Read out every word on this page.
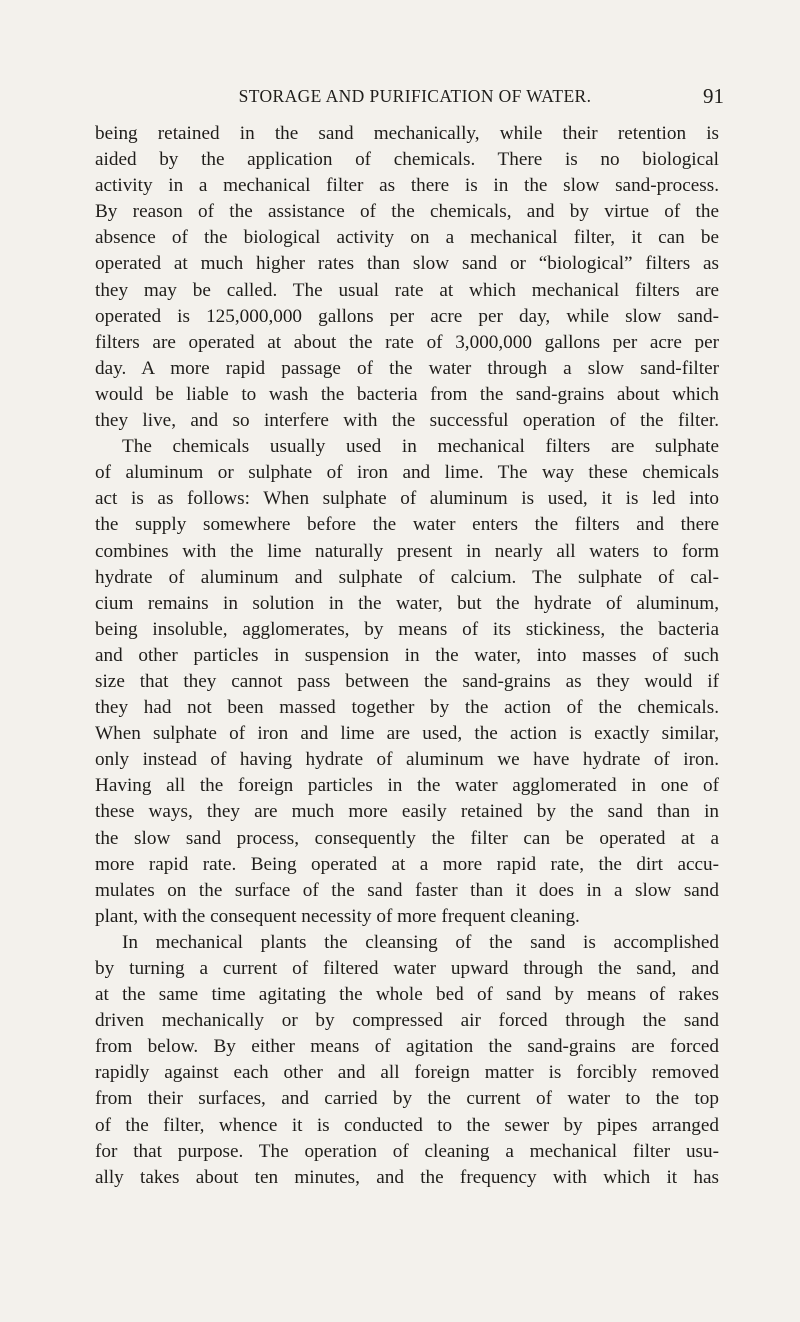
STORAGE AND PURIFICATION OF WATER.	91
being retained in the sand mechanically, while their retention is
aided by the application of chemicals. There is no biological
activity in a mechanical filter as there is in the slow sand-process.
By reason of the assistance of the chemicals, and by virtue of the
absence of the biological activity on a mechanical filter, it can be
operated at much higher rates than slow sand or “biological” filters as
they may be called. The usual rate at which mechanical filters are
operated is 125,000,000 gallons per acre per day, while slow sand-
filters are operated at about the rate of 3,000,000 gallons per acre per
day. A more rapid passage of the water through a slow sand-filter
would be liable to wash the bacteria from the sand-grains about which
they live, and so interfere with the successful operation of the filter.
The chemicals usually used in mechanical filters are sulphate
of aluminum or sulphate of iron and lime. The way these chemicals
act is as follows: When sulphate of aluminum is used, it is led into
the supply somewhere before the water enters the filters and there
combines with the lime naturally present in nearly all waters to form
hydrate of aluminum and sulphate of calcium. The sulphate of cal-
cium remains in solution in the water, but the hydrate of aluminum,
being insoluble, agglomerates, by means of its stickiness, the bacteria
and other particles in suspension in the water, into masses of such
size that they cannot pass between the sand-grains as they would if
they had not been massed together by the action of the chemicals.
When sulphate of iron and lime are used, the action is exactly similar,
only instead of having hydrate of aluminum we have hydrate of iron.
Having all the foreign particles in the water agglomerated in one of
these ways, they are much more easily retained by the sand than in
the slow sand process, consequently the filter can be operated at a
more rapid rate. Being operated at a more rapid rate, the dirt accu-
mulates on the surface of the sand faster than it does in a slow sand
plant, with the consequent necessity of more frequent cleaning.
In mechanical plants the cleansing of the sand is accomplished
by turning a current of filtered water upward through the sand, and
at the same time agitating the whole bed of sand by means of rakes
driven mechanically or by compressed air forced through the sand
from below. By either means of agitation the sand-grains are forced
rapidly against each other and all foreign matter is forcibly removed
from their surfaces, and carried by the current of water to the top
of the filter, whence it is conducted to the sewer by pipes arranged
for that purpose. The operation of cleaning a mechanical filter usu-
ally takes about ten minutes, and the frequency with which it has
